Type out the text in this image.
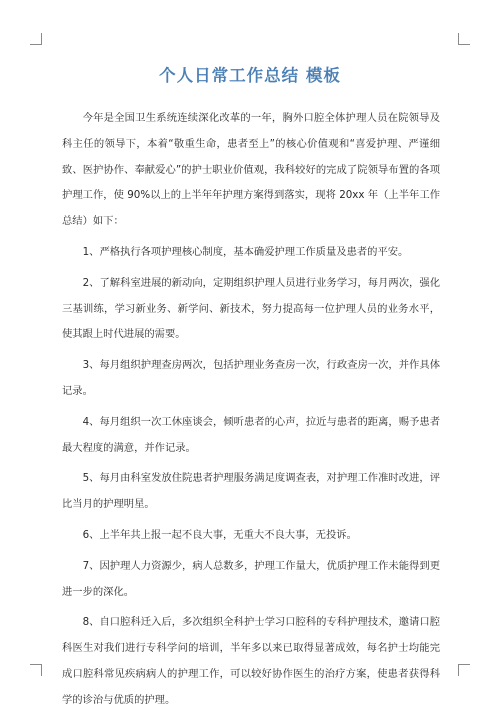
个人日常工作总结 模板

今年是全国卫生系统连续深化改革的一年，胸外口腔全体护理人员在院领导及科主任的领导下，本着“敬重生命，患者至上”的核心价值观和“喜爱护理、严谨细致、医护协作、奉献爱心”的护士职业价值观，我科较好的完成了院领导布置的各项护理工作，使 90%以上的上半年年护理方案得到落实，现将 20xx 年（上半年工作总结）如下：

1、严格执行各项护理核心制度，基本确爱护理工作质量及患者的平安。

2、了解科室进展的新动向，定期组织护理人员进行业务学习，每月两次，强化三基训练，学习新业务、新学问、新技术，努力提高每一位护理人员的业务水平，使其跟上时代进展的需要。

3、每月组织护理查房两次，包括护理业务查房一次，行政查房一次，并作具体记录。

4、每月组织一次工休座谈会，倾听患者的心声，拉近与患者的距离，赐予患者最大程度的满意，并作记录。

5、每月由科室发放住院患者护理服务满足度调查表，对护理工作准时改进，评比当月的护理明星。

6、上半年共上报一起不良大事，无重大不良大事，无投诉。

7、因护理人力资源少，病人总数多，护理工作量大，优质护理工作未能得到更进一步的深化。

8、自口腔科迁入后，多次组织全科护士学习口腔科的专科护理技术，邀请口腔科医生对我们进行专科学问的培训，半年多以来已取得显著成效，每名护士均能完成口腔科常见疾病病人的护理工作，可以较好协作医生的治疗方案，使患者获得科学的诊治与优质的护理。
